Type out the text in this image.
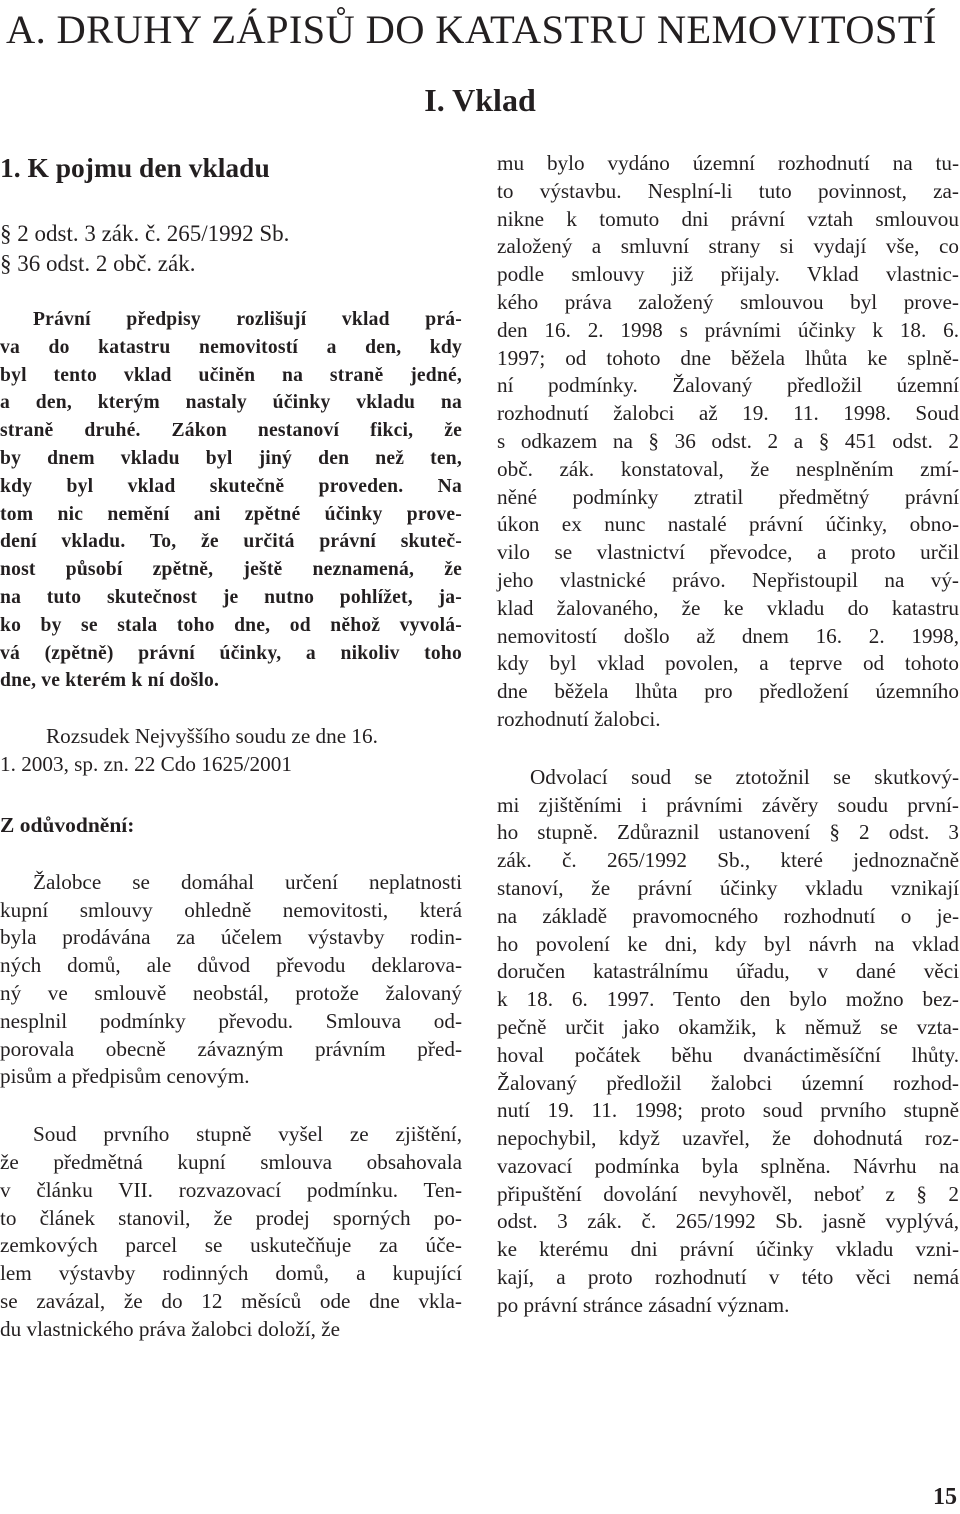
A. DRUHY ZÁPISŮ DO KATASTRU NEMOVITOSTÍ
I. Vklad
1. K pojmu den vkladu
§ 2 odst. 3 zák. č. 265/1992 Sb.
§ 36 odst. 2 obč. zák.
Právní předpisy rozlišují vklad prá-
va do katastru nemovitostí a den, kdy
byl tento vklad učiněn na straně jedné,
a den, kterým nastaly účinky vkladu na
straně druhé. Zákon nestanoví fikci, že
by dnem vkladu byl jiný den než ten,
kdy byl vklad skutečně proveden. Na
tom nic nemění ani zpětné účinky prove-
dení vkladu. To, že určitá právní skuteč-
nost působí zpětně, ještě neznamená, že
na tuto skutečnost je nutno pohlížet, ja-
ko by se stala toho dne, od něhož vyvolá-
vá (zpětně) právní účinky, a nikoliv toho
dne, ve kterém k ní došlo.

Rozsudek Nejvyššího soudu ze dne 16.

1. 2003, sp. zn. 22 Cdo 1625/2001

Z odůvodnění:
Žalobce se domáhal určení neplatnosti
kupní smlouvy ohledně nemovitosti, která
byla prodávána za účelem výstavby rodin-
ných domů, ale důvod převodu deklarova-
ný ve smlouvě neobstál, protože žalovaný
nesplnil podmínky převodu. Smlouva od-
porovala obecně závazným právním před-
pisům a předpisům cenovým.
Soud prvního stupně vyšel ze zjištění,
že předmětná kupní smlouva obsahovala
v článku VII. rozvazovací podmínku. Ten-
to článek stanovil, že prodej sporných po-
zemkových parcel se uskutečňuje za úče-
lem výstavby rodinných domů, a kupující
se zavázal, že do 12 měsíců ode dne vkla-
du vlastnického práva žalobci doloží, že
mu bylo vydáno územní rozhodnutí na tu-
to výstavbu. Nesplní-li tuto povinnost, za-
nikne k tomuto dni právní vztah smlouvou
založený a smluvní strany si vydají vše, co
podle smlouvy již přijaly. Vklad vlastnic-
kého práva založený smlouvou byl prove-
den 16. 2. 1998 s právními účinky k 18. 6.
1997; od tohoto dne běžela lhůta ke splně-
ní podmínky. Žalovaný předložil územní
rozhodnutí žalobci až 19. 11. 1998. Soud
s odkazem na § 36 odst. 2 a § 451 odst. 2
obč. zák. konstatoval, že nesplněním zmí-
něné podmínky ztratil předmětný právní
úkon ex nunc nastalé právní účinky, obno-
vilo se vlastnictví převodce, a proto určil
jeho vlastnické právo. Nepřistoupil na vý-
klad žalovaného, že ke vkladu do katastru
nemovitostí došlo až dnem 16. 2. 1998,
kdy byl vklad povolen, a teprve od tohoto
dne běžela lhůta pro předložení územního
rozhodnutí žalobci.
Odvolací soud se ztotožnil se skutkový-
mi zjištěními i právními závěry soudu první-
ho stupně. Zdůraznil ustanovení § 2 odst. 3
zák. č. 265/1992 Sb., které jednoznačně
stanoví, že právní účinky vkladu vznikají
na základě pravomocného rozhodnutí o je-
ho povolení ke dni, kdy byl návrh na vklad
doručen katastrálnímu úřadu, v dané věci
k 18. 6. 1997. Tento den bylo možno bez-
pečně určit jako okamžik, k němuž se vzta-
hoval počátek běhu dvanáctiměsíční lhůty.
Žalovaný předložil žalobci územní rozhod-
nutí 19. 11. 1998; proto soud prvního stupně
nepochybil, když uzavřel, že dohodnutá roz-
vazovací podmínka byla splněna. Návrhu na
připuštění dovolání nevyhověl, neboť z § 2
odst. 3 zák. č. 265/1992 Sb. jasně vyplývá,
ke kterému dni právní účinky vkladu vzni-
kají, a proto rozhodnutí v této věci nemá
po právní stránce zásadní význam.
15
